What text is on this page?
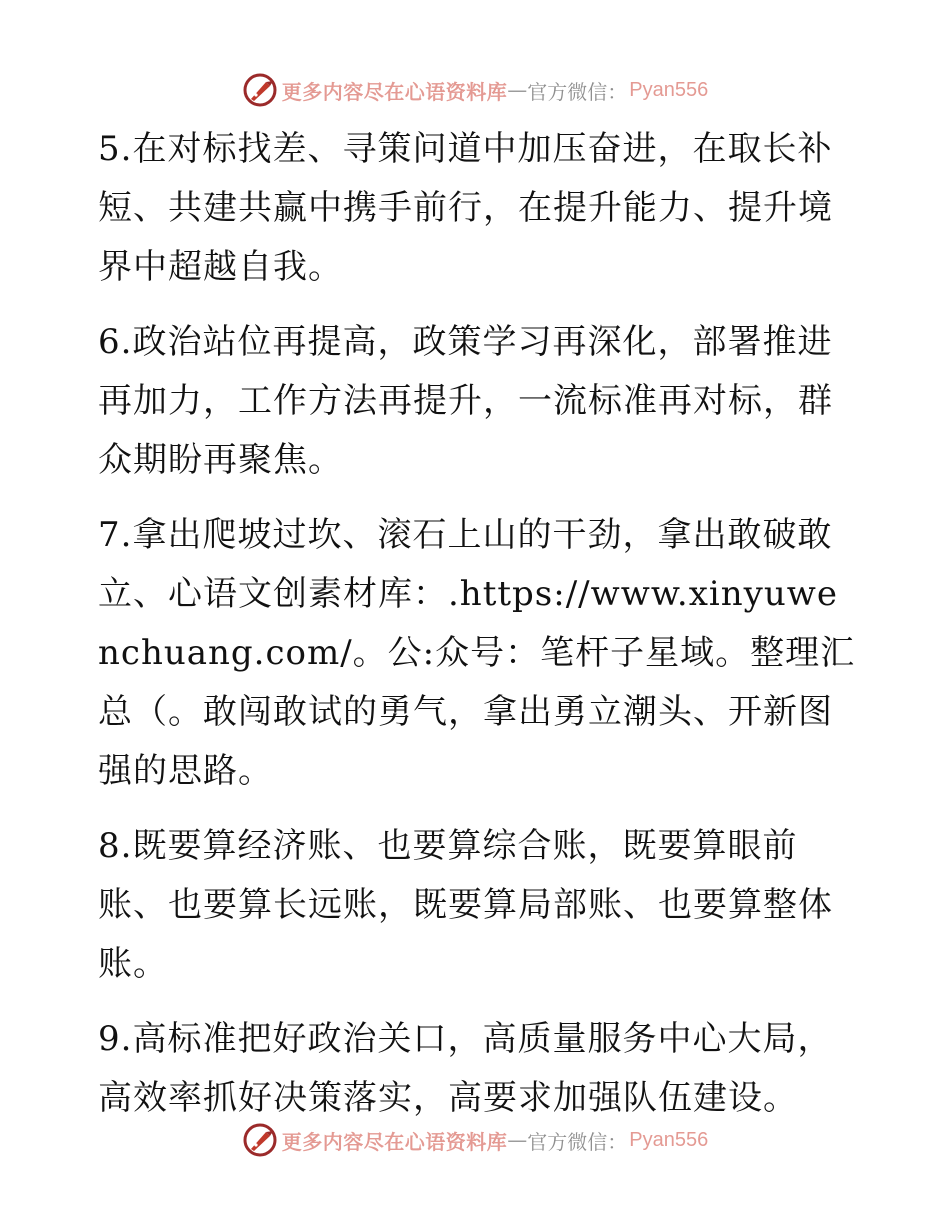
更多内容尽在心语资料库 — 官方微信： Pyan556

5.在对标找差、寻策问道中加压奋进，在取长补短、共建共赢中携手前行，在提升能力、提升境界中超越自我。

6.政治站位再提高，政策学习再深化，部署推进再加力，工作方法再提升，一流标准再对标，群众期盼再聚焦。

7.拿出爬坡过坎、滚石上山的干劲，拿出敢破敢立、心语文创素材库：.https://www.xinyuwenchuang.com/。公:众号：笔杆子星域。整理汇总（。敢闯敢试的勇气，拿出勇立潮头、开新图强的思路。

8.既要算经济账、也要算综合账，既要算眼前账、也要算长远账，既要算局部账、也要算整体账。

9.高标准把好政治关口，高质量服务中心大局，高效率抓好决策落实，高要求加强队伍建设。

更多内容尽在心语资料库 — 官方微信： Pyan556
